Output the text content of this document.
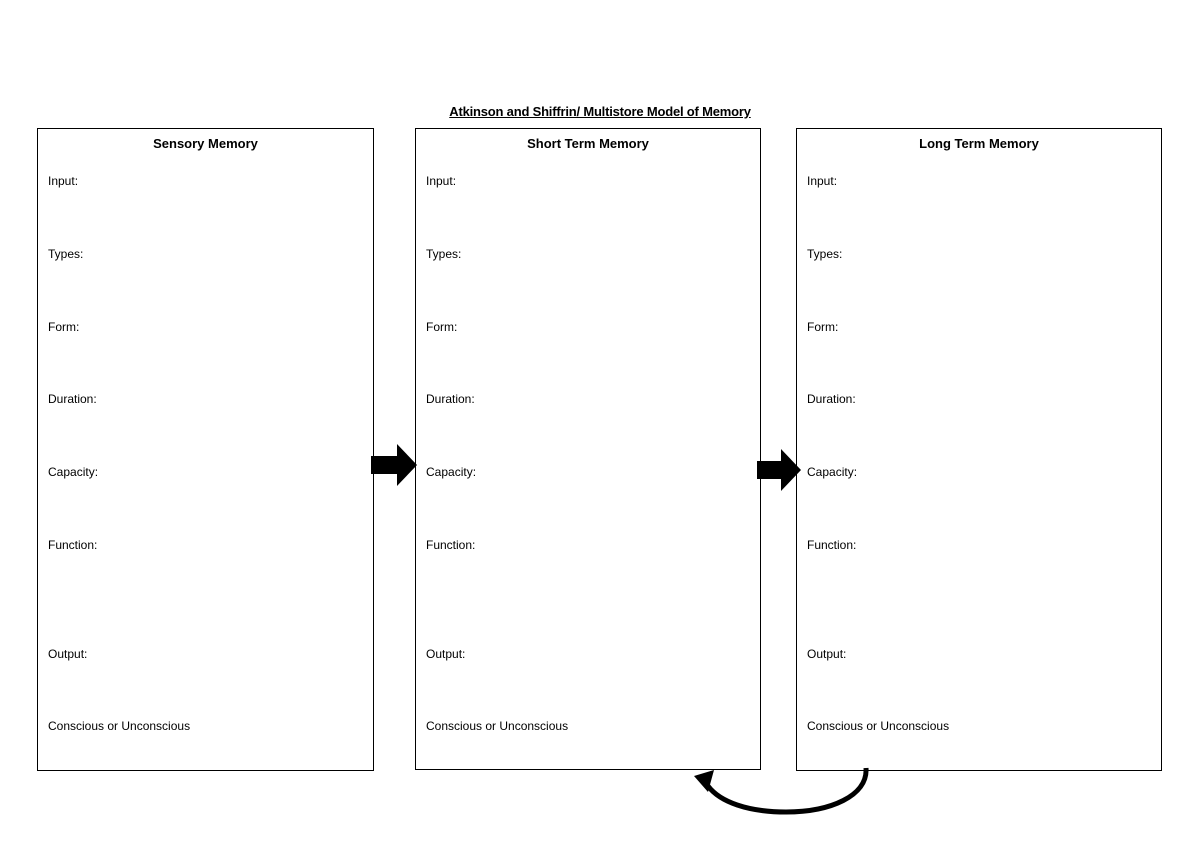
Atkinson and Shiffrin/ Multistore Model of Memory
Sensory Memory
Input:
Types:
Form:
Duration:
Capacity:
Function:
Output:
Conscious or Unconscious
Short Term Memory
Input:
Types:
Form:
Duration:
Capacity:
Function:
Output:
Conscious or Unconscious
Long Term Memory
Input:
Types:
Form:
Duration:
Capacity:
Function:
Output:
Conscious or Unconscious
